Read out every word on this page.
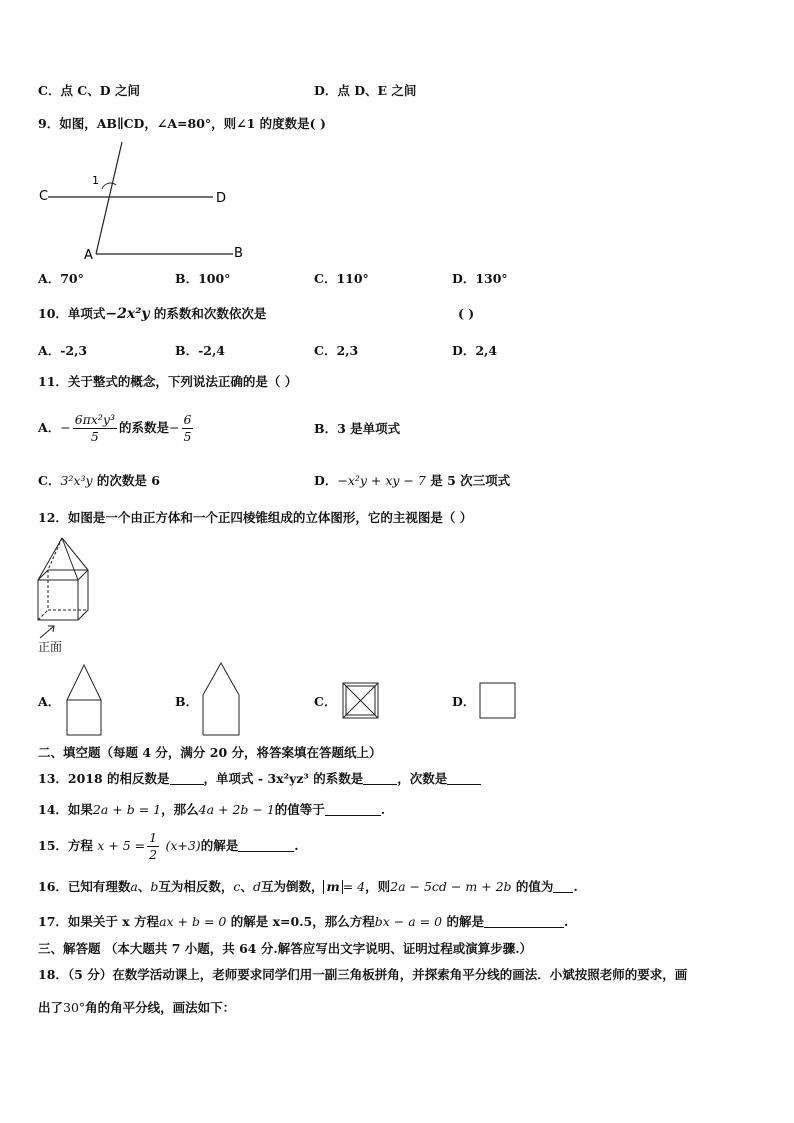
C．点 C、D 之间	D．点 D、E 之间
9．如图，AB∥CD，∠A=80°，则∠1 的度数是( )
C	D
A	B
1
A．70°	B．100°	C．110°	D．130°
10．单项式−2x²y 的系数和次数依次是	( )
A．-2,3	B．-2,4	C．2,3	D．2,4
11．关于整式的概念，下列说法正确的是（ ）
A．− $\frac{\text{6πx²y³}}{5}$ 的系数是− $\frac{6}{5}$	B．3 是单项式
C．3²x³y 的次数是 6	D．−x²y + xy − 7 是 5 次三项式
12．如图是一个由正方体和一个正四棱锥组成的立体图形，它的主视图是（ ）
正面
A．	B．	C．	D．
二、填空题（每题 4 分，满分 20 分，将答案填在答题纸上）
13．2018 的相反数是	，单项式 - 3x²yz³ 的系数是	，次数是
14．如果2a + b = 1，那么4a + 2b − 1的值等于	.
15．方程 $x + 5 = \frac{1}{2} (x+3)$的解是	.
16．已知有理数a、b互为相反数，c、d互为倒数， m = 4，则2a − 5cd − m + 2b 的值为 .
17．如果关于 x 方程ax + b = 0 的解是 x=0.5，那么方程bx − a = 0 的解是	.
三、解答题 （本大题共 7 小题，共 64 分.解答应写出文字说明、证明过程或演算步骤.）
18．（5 分）在数学活动课上，老师要求同学们用一副三角板拼角，并探索角平分线的画法．小斌按照老师的要求，画
出了30°角的角平分线，画法如下：
